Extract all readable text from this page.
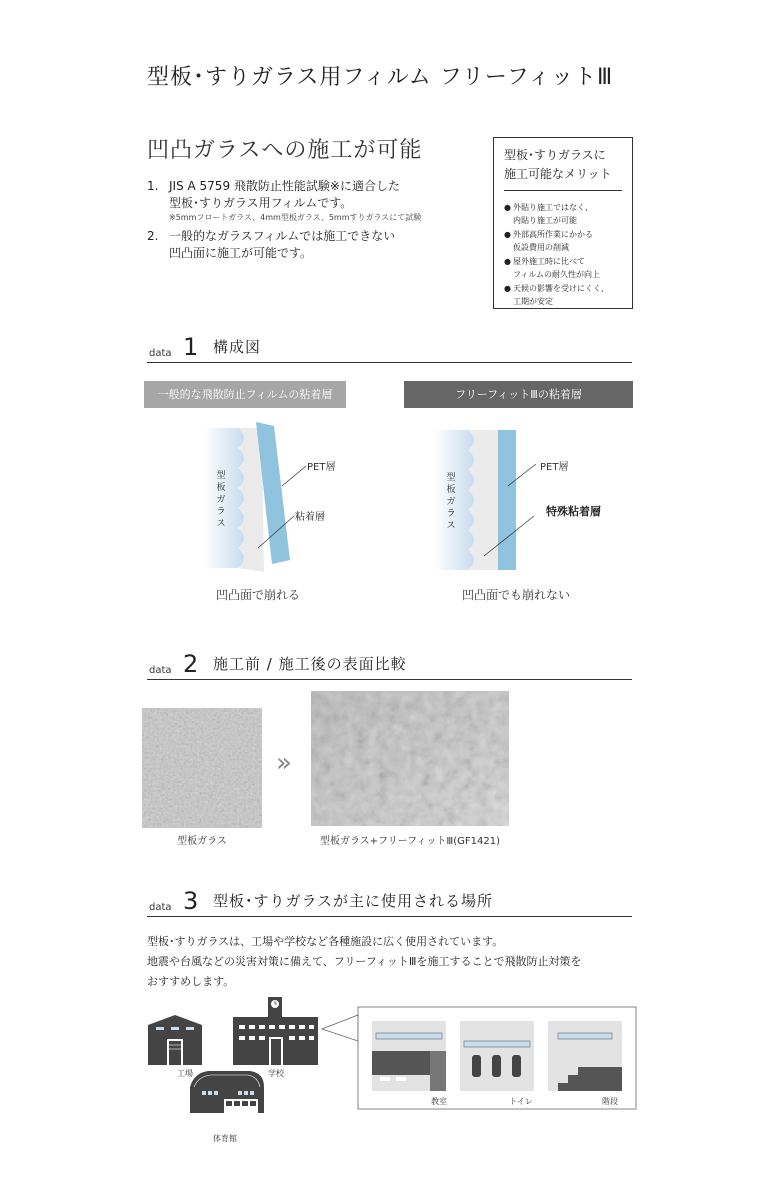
型板･すりガラス用フィルム フリーフィットⅢ
凹凸ガラスへの施工が可能
1. JIS A 5759 飛散防止性能試験※に適合した
型板･すりガラス用フィルムです。
※5mmフロートガラス、4mm型板ガラス、5mmすりガラスにて試験
2. 一般的なガラスフィルムでは施工できない
凹凸面に施工が可能です。
型板･すりガラスに
施工可能なメリット
● 外貼り施工ではなく、
内貼り施工が可能
● 外部高所作業にかかる
仮設費用の削減
● 屋外施工時に比べて
フィルムの耐久性が向上
● 天候の影響を受けにくく、
工期が安定
data 1 構成図
一般的な飛散防止フィルムの粘着層	フリーフィットⅢの粘着層
型
板
ガ
ラ
ス
PET層
粘着層
凹凸面で崩れる
型
板
ガ
ラ
ス
PET層
特殊粘着層
凹凸面でも崩れない
data 2 施工前 / 施工後の表面比較
»
型板ガラス	型板ガラス+フリーフィットⅢ(GF1421)
data 3 型板･すりガラスが主に使用される場所
型板･すりガラスは、工場や学校など各種施設に広く使用されています。
地震や台風などの災害対策に備えて、フリーフィットⅢを施工することで飛散防止対策を
おすすめします。
工場	学校
体育館
教室	トイレ	階段
